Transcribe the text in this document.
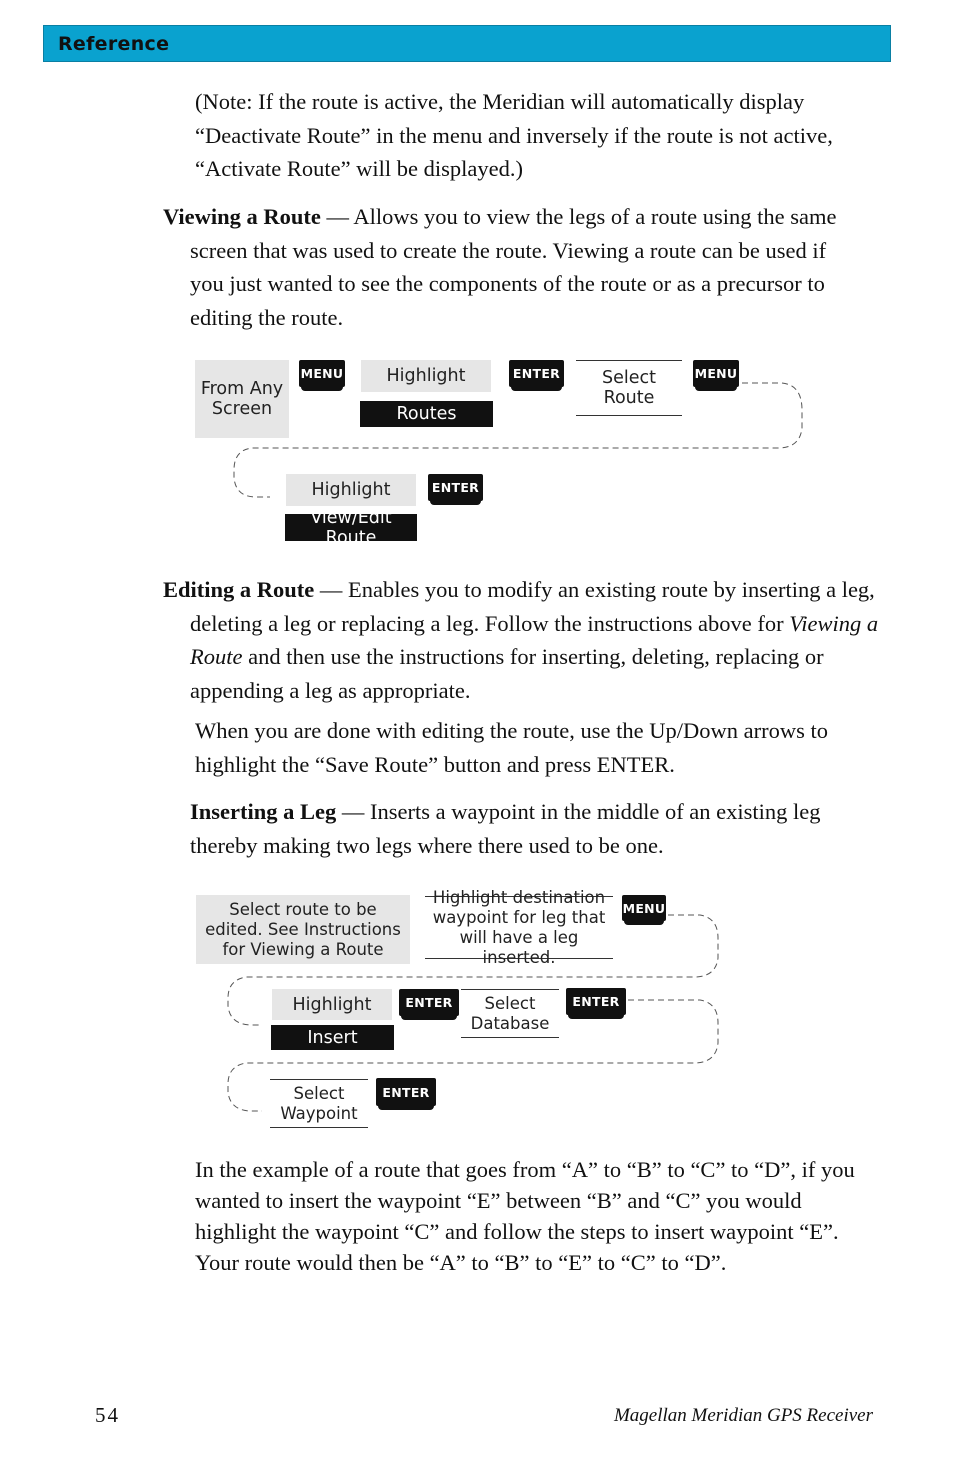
Reference

(Note: If the route is active, the Meridian will automatically display “Deactivate Route” in the menu and inversely if the route is not active, “Activate Route” will be displayed.)

Viewing a Route — Allows you to view the legs of a route using the same screen that was used to create the route. Viewing a route can be used if you just wanted to see the components of the route or as a precursor to editing the route.

From Any Screen
MENU	Highlight
Routes
ENTER	Select Route
MENU
Highlight	ENTER
View/Edit Route

Editing a Route — Enables you to modify an existing route by inserting a leg, deleting a leg or replacing a leg. Follow the instructions above for Viewing a Route and then use the instructions for inserting, deleting, replacing or appending a leg as appropriate.

When you are done with editing the route, use the Up/Down arrows to highlight the “Save Route” button and press ENTER.

Inserting a Leg — Inserts a waypoint in the middle of an existing leg thereby making two legs where there used to be one.

Select route to be edited. See Instructions for Viewing a Route
Highlight destination waypoint for leg that will have a leg inserted.
MENU
Highlight
Insert
ENTER	Select Database
ENTER
Select Waypoint
ENTER

In the example of a route that goes from “A” to “B” to “C” to “D”, if you wanted to insert the waypoint “E” between “B” and “C” you would highlight the waypoint “C” and follow the steps to insert waypoint “E”. Your route would then be “A” to “B” to “E” to “C” to “D”.

54	Magellan Meridian GPS Receiver
